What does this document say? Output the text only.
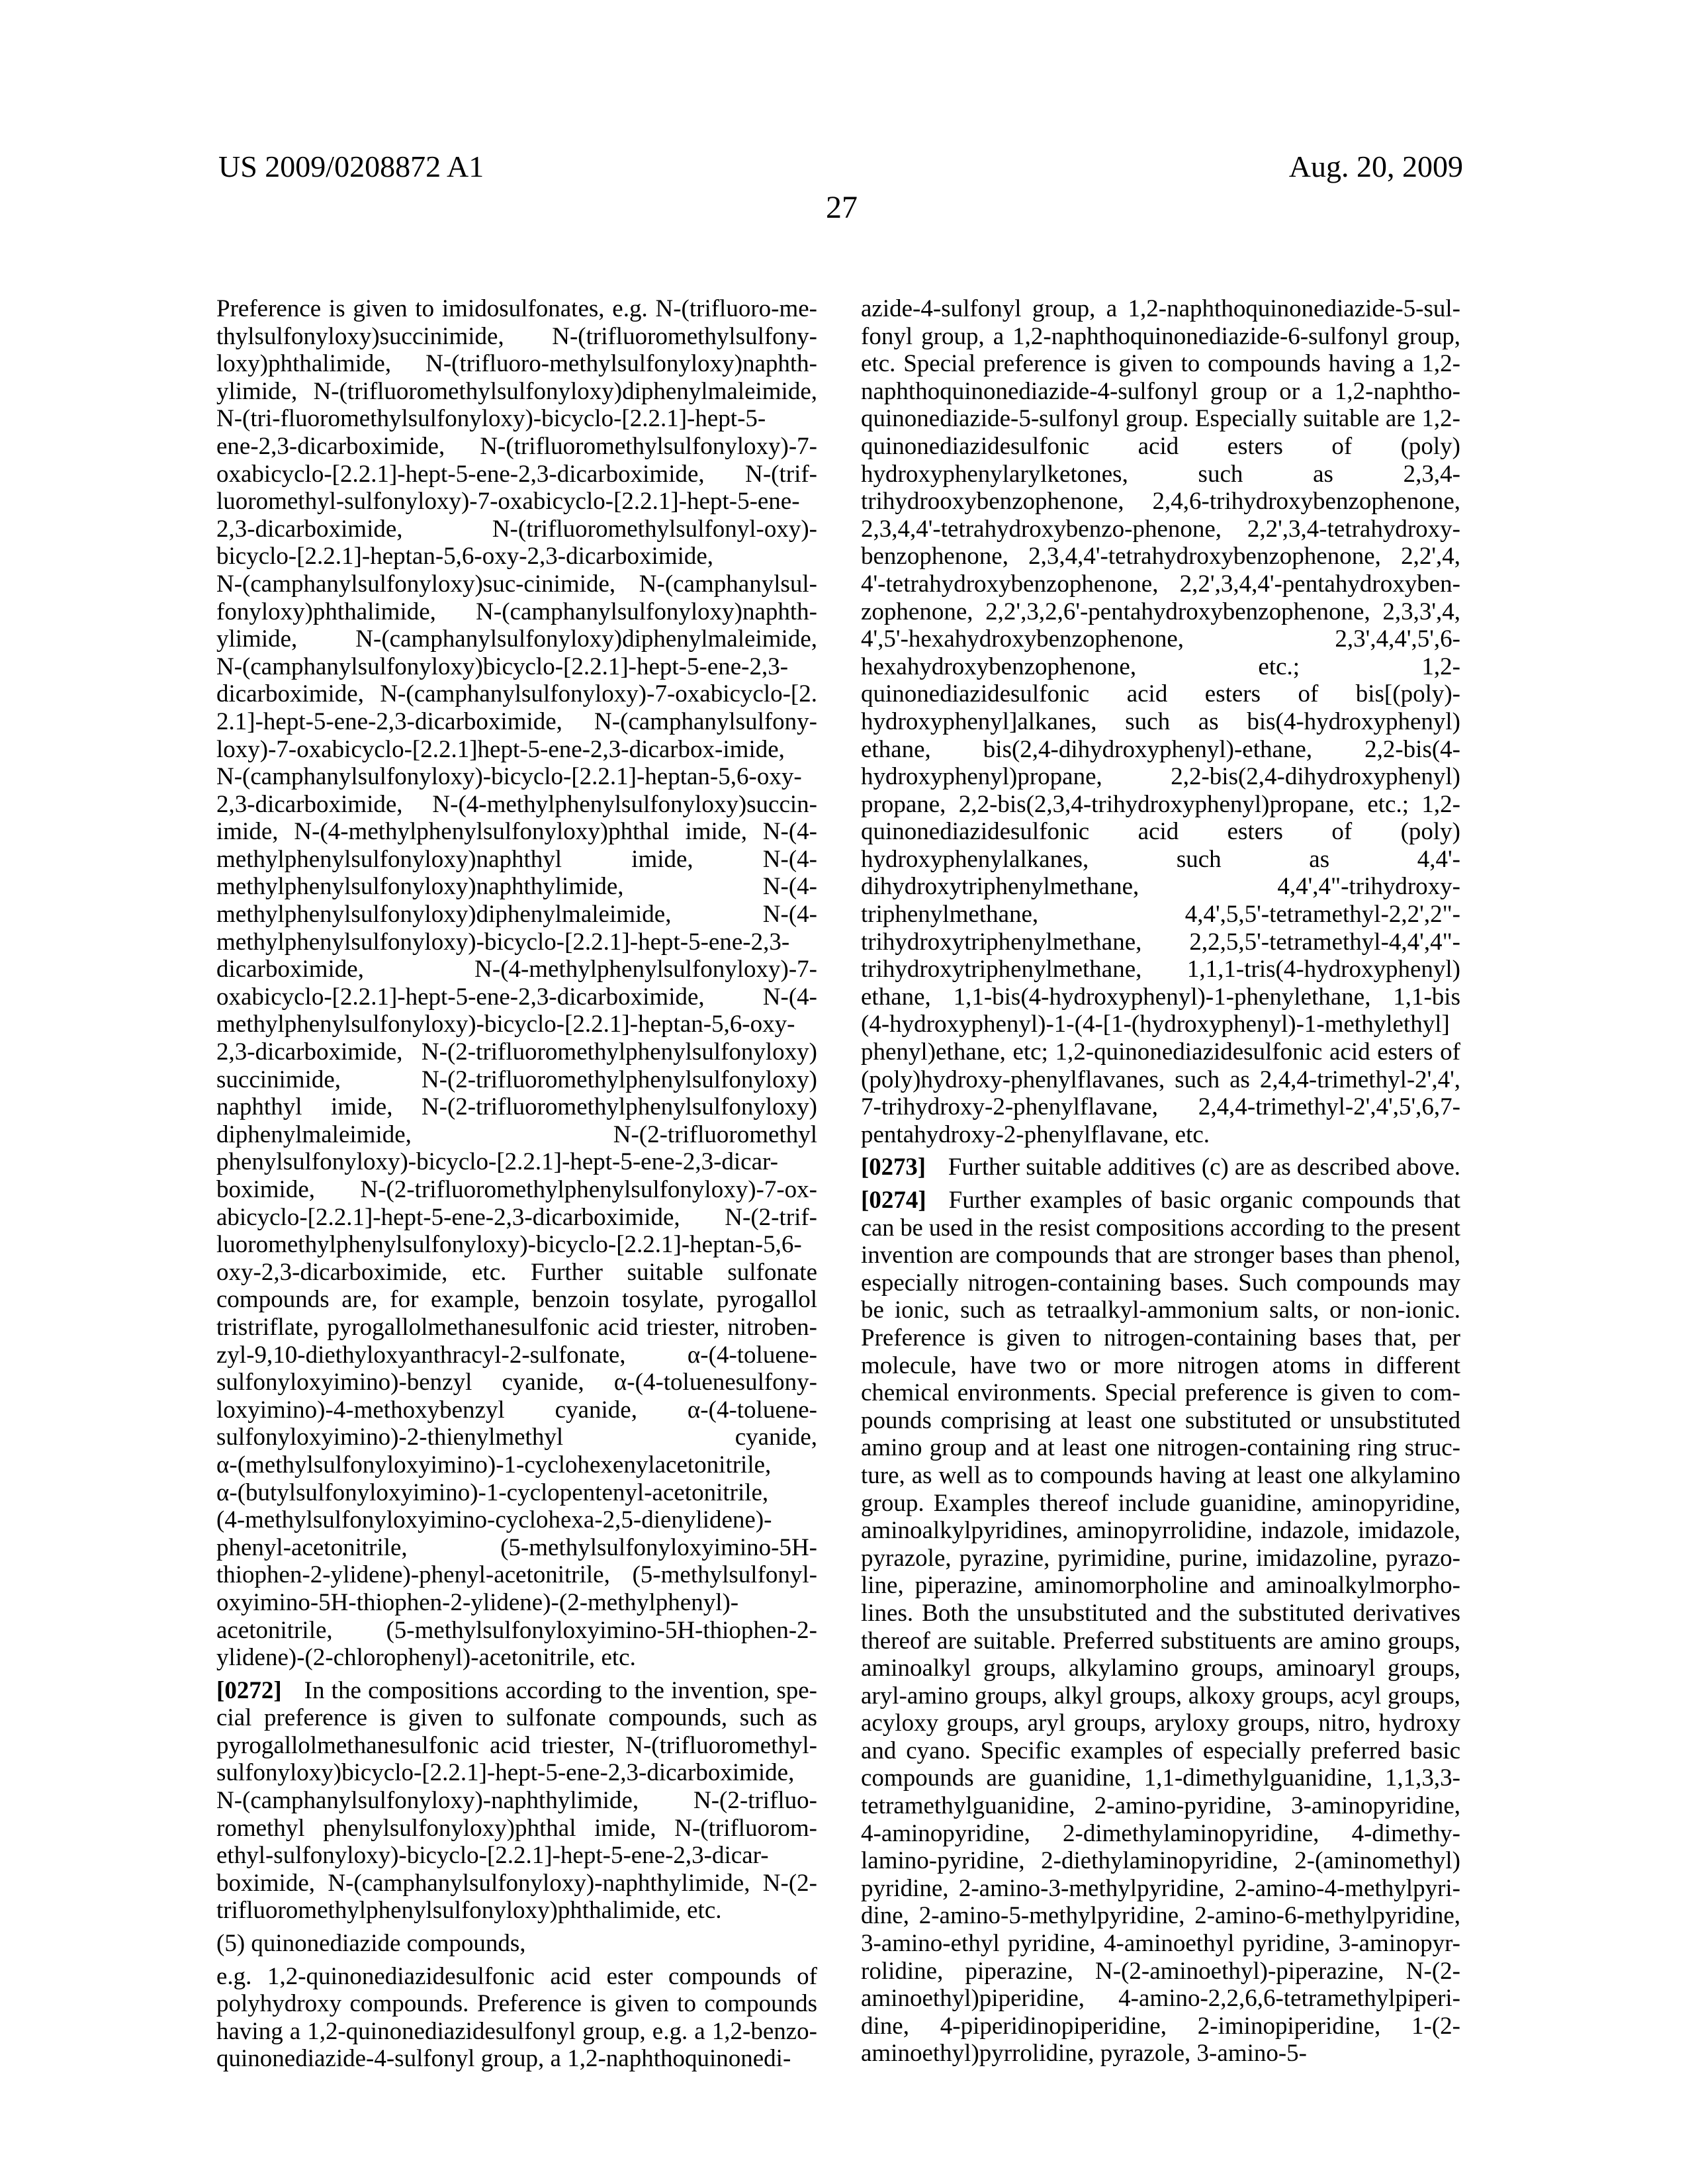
US 2009/0208872 A1	Aug. 20, 2009
27
Preference is given to imidosulfonates, e.g. N-(trifluoro-me-
thylsulfonyloxy)succinimide, N-(trifluoromethylsulfony-
loxy)phthalimide, N-(trifluoro-methylsulfonyloxy)naphth-
ylimide, N-(trifluoromethylsulfonyloxy)diphenylmaleimide,
N-(tri-fluoromethylsulfonyloxy)-bicyclo-[2.2.1]-hept-5-
ene-2,3-dicarboximide, N-(trifluoromethylsulfonyloxy)-7-
oxabicyclo-[2.2.1]-hept-5-ene-2,3-dicarboximide, N-(trif-
luoromethyl-sulfonyloxy)-7-oxabicyclo-[2.2.1]-hept-5-ene-
2,3-dicarboximide, N-(trifluoromethylsulfonyl-oxy)-
bicyclo-[2.2.1]-heptan-5,6-oxy-2,3-dicarboximide,
N-(camphanylsulfonyloxy)suc-cinimide, N-(camphanylsul-
fonyloxy)phthalimide, N-(camphanylsulfonyloxy)naphth-
ylimide, N-(camphanylsulfonyloxy)diphenylmaleimide,
N-(camphanylsulfonyloxy)bicyclo-[2.2.1]-hept-5-ene-2,3-
dicarboximide, N-(camphanylsulfonyloxy)-7-oxabicyclo-[2.
2.1]-hept-5-ene-2,3-dicarboximide, N-(camphanylsulfony-
loxy)-7-oxabicyclo-[2.2.1]hept-5-ene-2,3-dicarbox-imide,
N-(camphanylsulfonyloxy)-bicyclo-[2.2.1]-heptan-5,6-oxy-
2,3-dicarboximide, N-(4-methylphenylsulfonyloxy)succin-
imide, N-(4-methylphenylsulfonyloxy)phthal imide, N-(4-
methylphenylsulfonyloxy)naphthyl imide, N-(4-
methylphenylsulfonyloxy)naphthylimide, N-(4-
methylphenylsulfonyloxy)diphenylmaleimide, N-(4-
methylphenylsulfonyloxy)-bicyclo-[2.2.1]-hept-5-ene-2,3-
dicarboximide, N-(4-methylphenylsulfonyloxy)-7-
oxabicyclo-[2.2.1]-hept-5-ene-2,3-dicarboximide, N-(4-
methylphenylsulfonyloxy)-bicyclo-[2.2.1]-heptan-5,6-oxy-
2,3-dicarboximide, N-(2-trifluoromethylphenylsulfonyloxy)
succinimide, N-(2-trifluoromethylphenylsulfonyloxy)
naphthyl imide, N-(2-trifluoromethylphenylsulfonyloxy)
diphenylmaleimide, N-(2-trifluoromethyl
phenylsulfonyloxy)-bicyclo-[2.2.1]-hept-5-ene-2,3-dicar-
boximide, N-(2-trifluoromethylphenylsulfonyloxy)-7-ox-
abicyclo-[2.2.1]-hept-5-ene-2,3-dicarboximide, N-(2-trif-
luoromethylphenylsulfonyloxy)-bicyclo-[2.2.1]-heptan-5,6-
oxy-2,3-dicarboximide, etc. Further suitable sulfonate
compounds are, for example, benzoin tosylate, pyrogallol
tristriflate, pyrogallolmethanesulfonic acid triester, nitroben-
zyl-9,10-diethyloxyanthracyl-2-sulfonate, α-(4-toluene-
sulfonyloxyimino)-benzyl cyanide, α-(4-toluenesulfony-
loxyimino)-4-methoxybenzyl cyanide, α-(4-toluene-
sulfonyloxyimino)-2-thienylmethyl cyanide,
α-(methylsulfonyloxyimino)-1-cyclohexenylacetonitrile,
α-(butylsulfonyloxyimino)-1-cyclopentenyl-acetonitrile,
(4-methylsulfonyloxyimino-cyclohexa-2,5-dienylidene)-
phenyl-acetonitrile, (5-methylsulfonyloxyimino-5H-
thiophen-2-ylidene)-phenyl-acetonitrile, (5-methylsulfonyl-
oxyimino-5H-thiophen-2-ylidene)-(2-methylphenyl)-
acetonitrile, (5-methylsulfonyloxyimino-5H-thiophen-2-
ylidene)-(2-chlorophenyl)-acetonitrile, etc.
[0272] In the compositions according to the invention, spe-
cial preference is given to sulfonate compounds, such as
pyrogallolmethanesulfonic acid triester, N-(trifluoromethyl-
sulfonyloxy)bicyclo-[2.2.1]-hept-5-ene-2,3-dicarboximide,
N-(camphanylsulfonyloxy)-naphthylimide, N-(2-trifluo-
romethyl phenylsulfonyloxy)phthal imide, N-(trifluorom-
ethyl-sulfonyloxy)-bicyclo-[2.2.1]-hept-5-ene-2,3-dicar-
boximide, N-(camphanylsulfonyloxy)-naphthylimide, N-(2-
trifluoromethylphenylsulfonyloxy)phthalimide, etc.
(5) quinonediazide compounds,
e.g. 1,2-quinonediazidesulfonic acid ester compounds of
polyhydroxy compounds. Preference is given to compounds
having a 1,2-quinonediazidesulfonyl group, e.g. a 1,2-benzo-
quinonediazide-4-sulfonyl group, a 1,2-naphthoquinonedi-
azide-4-sulfonyl group, a 1,2-naphthoquinonediazide-5-sul-
fonyl group, a 1,2-naphthoquinonediazide-6-sulfonyl group,
etc. Special preference is given to compounds having a 1,2-
naphthoquinonediazide-4-sulfonyl group or a 1,2-naphtho-
quinonediazide-5-sulfonyl group. Especially suitable are 1,2-
quinonediazidesulfonic acid esters of (poly)
hydroxyphenylarylketones, such as 2,3,4-
trihydrooxybenzophenone, 2,4,6-trihydroxybenzophenone,
2,3,4,4'-tetrahydroxybenzo-phenone, 2,2',3,4-tetrahydroxy-
benzophenone, 2,3,4,4'-tetrahydroxybenzophenone, 2,2',4,
4'-tetrahydroxybenzophenone, 2,2',3,4,4'-pentahydroxyben-
zophenone, 2,2',3,2,6'-pentahydroxybenzophenone, 2,3,3',4,
4',5'-hexahydroxybenzophenone, 2,3',4,4',5',6-
hexahydroxybenzophenone, etc.; 1,2-
quinonediazidesulfonic acid esters of bis[(poly)-
hydroxyphenyl]alkanes, such as bis(4-hydroxyphenyl)
ethane, bis(2,4-dihydroxyphenyl)-ethane, 2,2-bis(4-
hydroxyphenyl)propane, 2,2-bis(2,4-dihydroxyphenyl)
propane, 2,2-bis(2,3,4-trihydroxyphenyl)propane, etc.; 1,2-
quinonediazidesulfonic acid esters of (poly)
hydroxyphenylalkanes, such as 4,4'-
dihydroxytriphenylmethane, 4,4',4"-trihydroxy-
triphenylmethane, 4,4',5,5'-tetramethyl-2,2',2"-
trihydroxytriphenylmethane, 2,2,5,5'-tetramethyl-4,4',4"-
trihydroxytriphenylmethane, 1,1,1-tris(4-hydroxyphenyl)
ethane, 1,1-bis(4-hydroxyphenyl)-1-phenylethane, 1,1-bis
(4-hydroxyphenyl)-1-(4-[1-(hydroxyphenyl)-1-methylethyl]
phenyl)ethane, etc; 1,2-quinonediazidesulfonic acid esters of
(poly)hydroxy-phenylflavanes, such as 2,4,4-trimethyl-2',4',
7-trihydroxy-2-phenylflavane, 2,4,4-trimethyl-2',4',5',6,7-
pentahydroxy-2-phenylflavane, etc.
[0273] Further suitable additives (c) are as described above.
[0274] Further examples of basic organic compounds that
can be used in the resist compositions according to the present
invention are compounds that are stronger bases than phenol,
especially nitrogen-containing bases. Such compounds may
be ionic, such as tetraalkyl-ammonium salts, or non-ionic.
Preference is given to nitrogen-containing bases that, per
molecule, have two or more nitrogen atoms in different
chemical environments. Special preference is given to com-
pounds comprising at least one substituted or unsubstituted
amino group and at least one nitrogen-containing ring struc-
ture, as well as to compounds having at least one alkylamino
group. Examples thereof include guanidine, aminopyridine,
aminoalkylpyridines, aminopyrrolidine, indazole, imidazole,
pyrazole, pyrazine, pyrimidine, purine, imidazoline, pyrazo-
line, piperazine, aminomorpholine and aminoalkylmorpho-
lines. Both the unsubstituted and the substituted derivatives
thereof are suitable. Preferred substituents are amino groups,
aminoalkyl groups, alkylamino groups, aminoaryl groups,
aryl-amino groups, alkyl groups, alkoxy groups, acyl groups,
acyloxy groups, aryl groups, aryloxy groups, nitro, hydroxy
and cyano. Specific examples of especially preferred basic
compounds are guanidine, 1,1-dimethylguanidine, 1,1,3,3-
tetramethylguanidine, 2-amino-pyridine, 3-aminopyridine,
4-aminopyridine, 2-dimethylaminopyridine, 4-dimethy-
lamino-pyridine, 2-diethylaminopyridine, 2-(aminomethyl)
pyridine, 2-amino-3-methylpyridine, 2-amino-4-methylpyri-
dine, 2-amino-5-methylpyridine, 2-amino-6-methylpyridine,
3-amino-ethyl pyridine, 4-aminoethyl pyridine, 3-aminopyr-
rolidine, piperazine, N-(2-aminoethyl)-piperazine, N-(2-
aminoethyl)piperidine, 4-amino-2,2,6,6-tetramethylpiperi-
dine, 4-piperidinopiperidine, 2-iminopiperidine, 1-(2-
aminoethyl)pyrrolidine, pyrazole, 3-amino-5-
